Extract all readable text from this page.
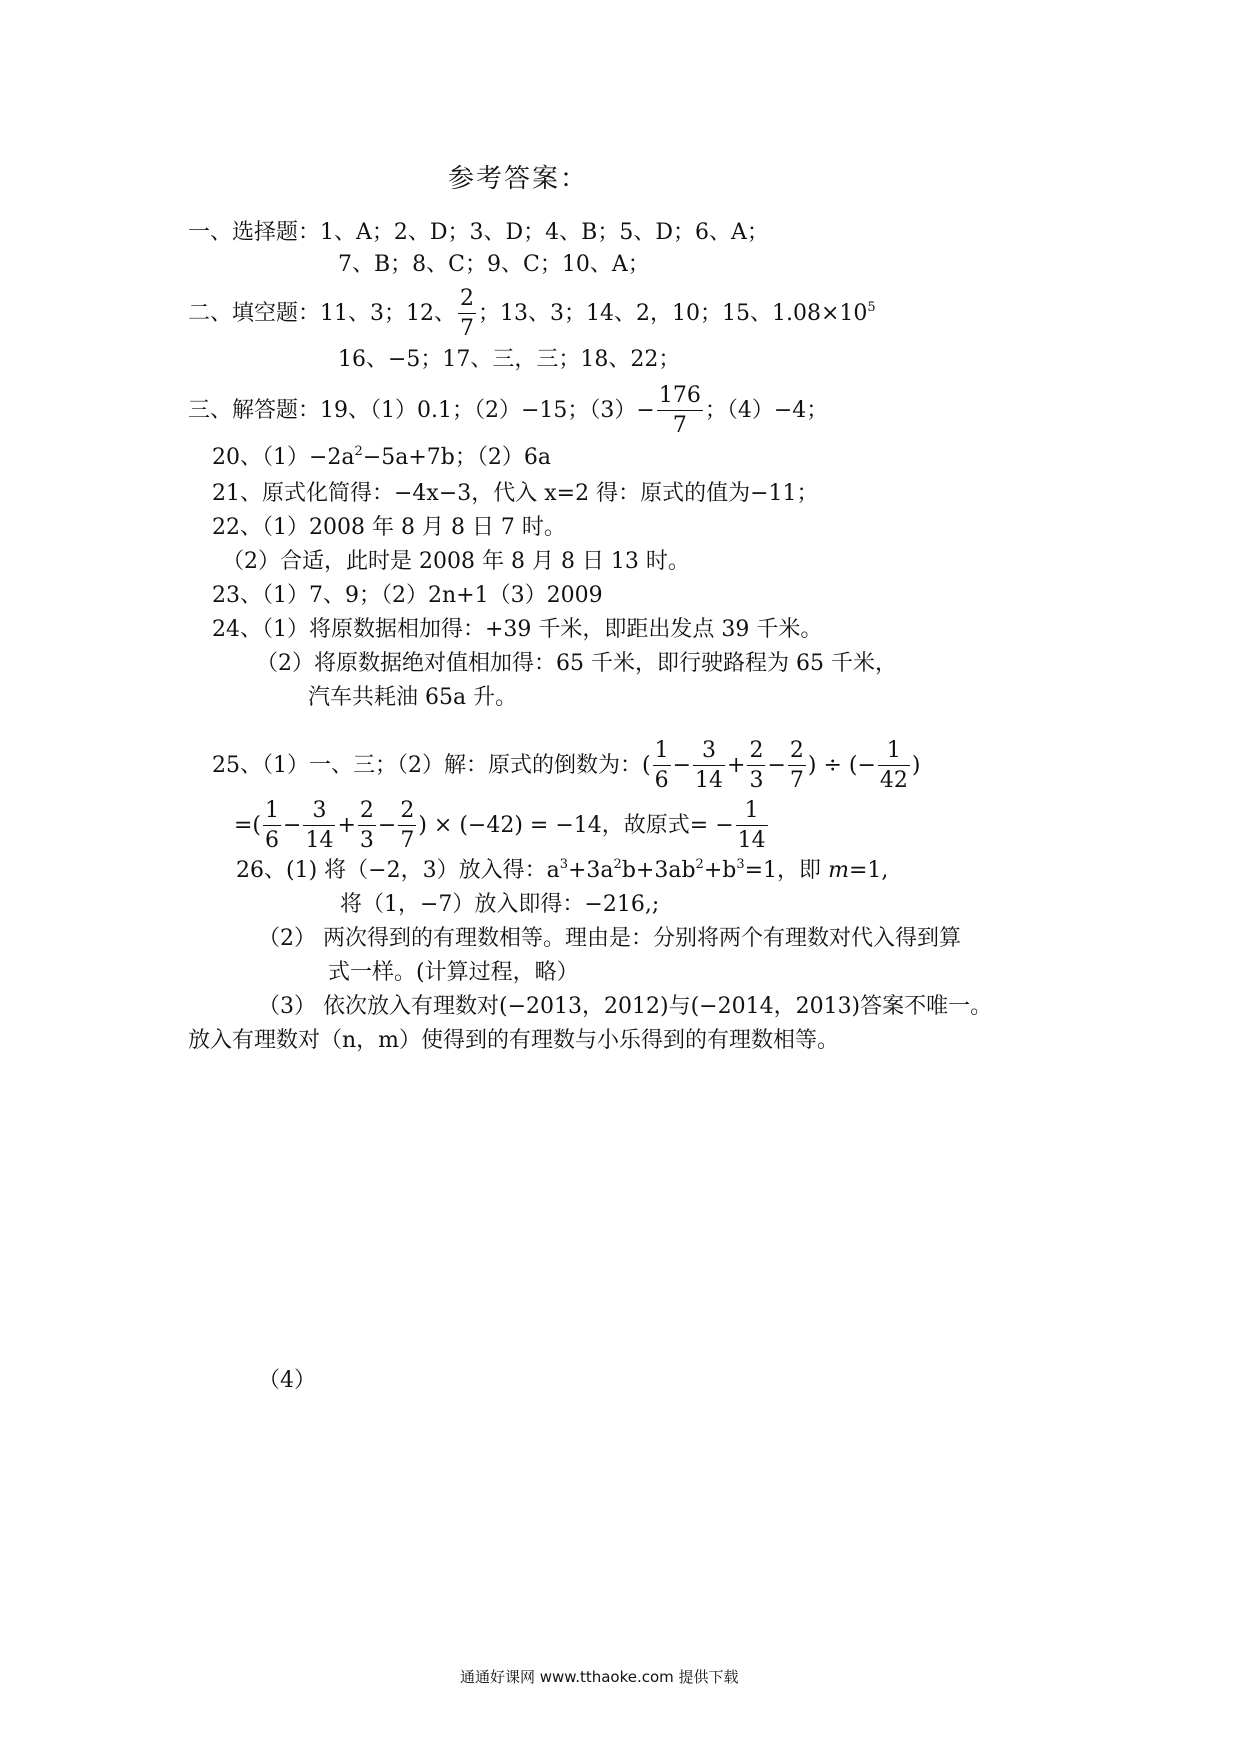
参考答案：
一、选择题：1、A；2、D；3、D；4、B；5、D；6、A；
7、B；8、C；9、C；10、A；
二、填空题：11、3；12、 $\frac{2}{7}$ ；13、3；14、2，10；15、$1.08\times 10^5$
16、−5；17、三，三；18、22；
三、解答题：19、（1）0.1；（2）−15；$(3)- \frac{176}{7}$ ；（4）−4；
20、$(1)-2a^2-5a+7b$；（2）6a
21、原式化简得：−4x−3，代入 x=2 得：原式的值为−11；
22、（1）2008 年 8 月 8 日 7 时。
（2）合适，此时是 2008 年 8 月 8 日 13 时。
23、（1）7、9；（2）2n+1（3）2009
24、（1）将原数据相加得：+39 千米，即距出发点 39 千米。
（2）将原数据绝对值相加得：65 千米，即行驶路程为 65 千米，
汽车共耗油 65a 升。
25、（1）一、三；（2）解：原式的倒数为：( $\frac{1}{6} - \frac{3}{14} + \frac{2}{3} - \frac{2}{7}$ ) ÷ (− $\frac{1}{42}$ )
=( $\frac{1}{6} - \frac{3}{14} + \frac{2}{3} - \frac{2}{7}$ ) × (−42) = −14，故原式= − $\frac{1}{14}$
26、(1) 将（−2，3）放入得：$a^3+3a^2b+3ab^2+b^3=1$，即 m=1,
将（1，−7）放入即得：−216,;
（2） 两次得到的有理数相等。理由是：分别将两个有理数对代入得到算
式一样。(计算过程，略）
（3） 依次放入有理数对(−2013，2012)与(−2014，2013)答案不唯一。
放入有理数对（n，m）使得到的有理数与小乐得到的有理数相等。
（4）
通通好课网 www.tthaoke.com 提供下载
